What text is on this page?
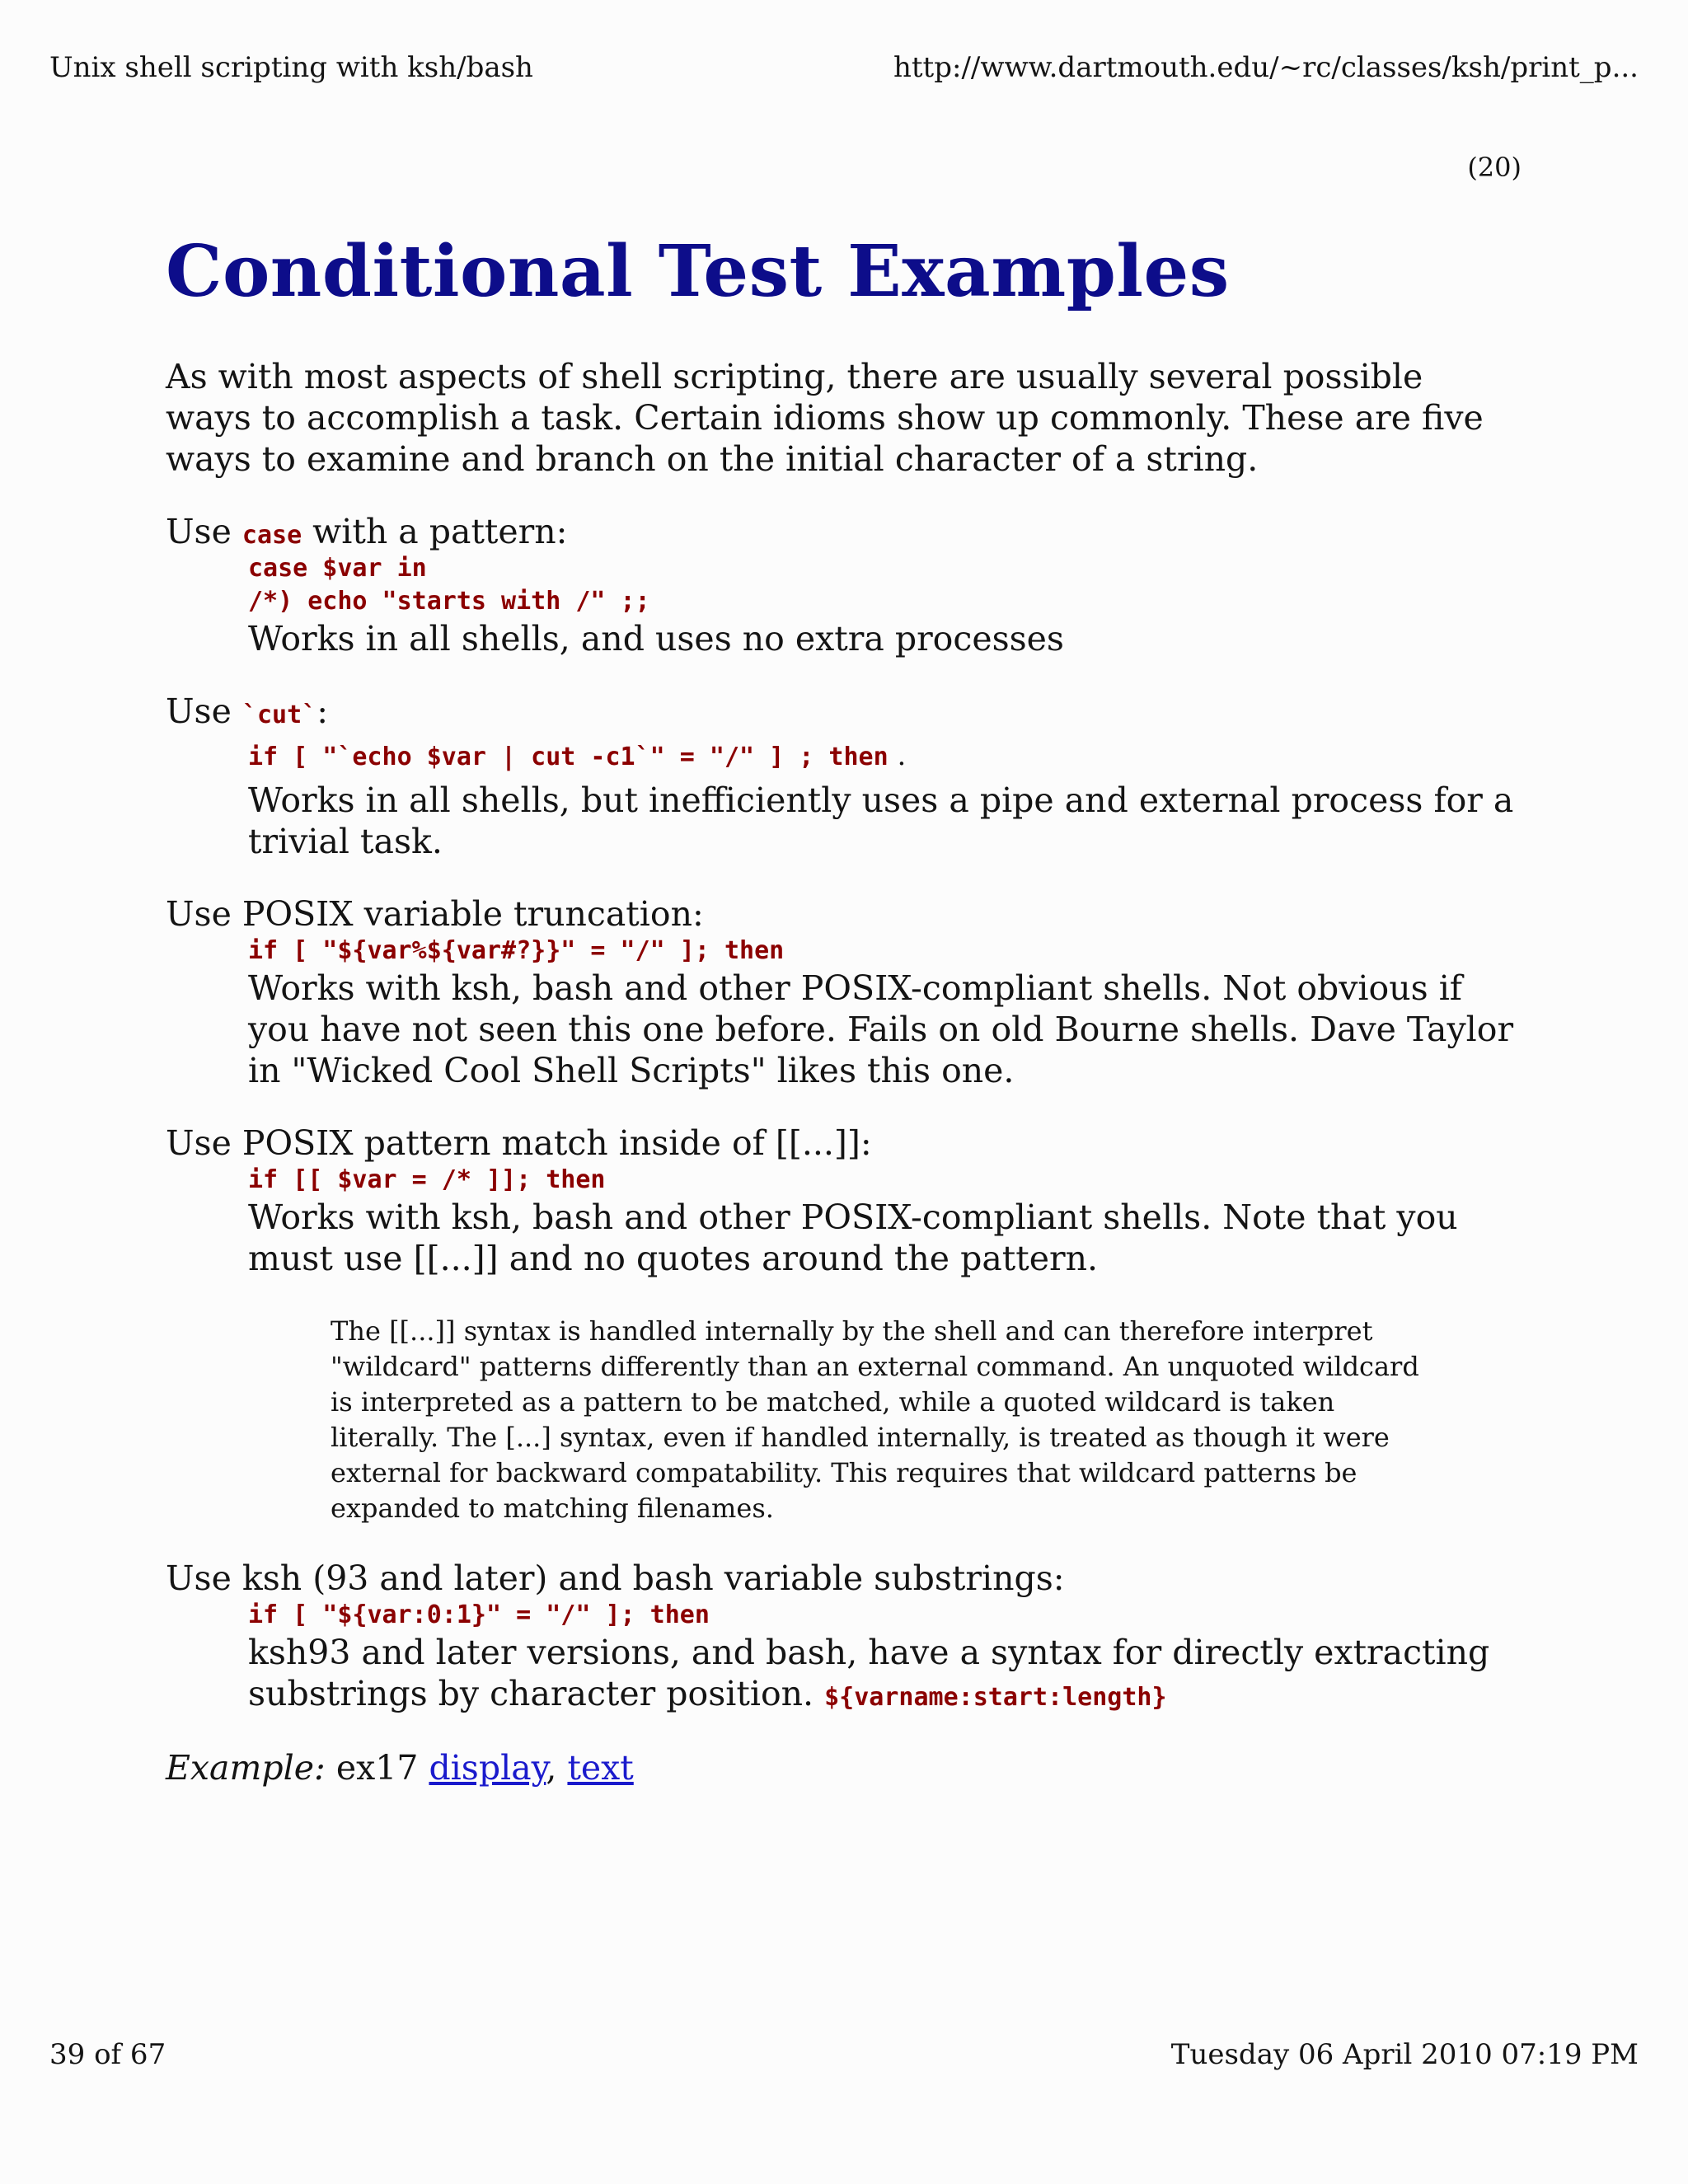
Unix shell scripting with ksh/bash	http://www.dartmouth.edu/~rc/classes/ksh/print_p...
(20)
Conditional Test Examples

As with most aspects of shell scripting, there are usually several possible ways to accomplish a task. Certain idioms show up commonly. These are five ways to examine and branch on the initial character of a string.

Use case with a pattern:

case $var in
/*) echo "starts with /" ;;

Works in all shells, and uses no extra processes

Use `cut`:

if [ "`echo $var | cut -c1`" = "/" ] ; then .

Works in all shells, but inefficiently uses a pipe and external process for a trivial task.

Use POSIX variable truncation:

if [ "${var%${var#?}}" = "/" ]; then

Works with ksh, bash and other POSIX-compliant shells. Not obvious if you have not seen this one before. Fails on old Bourne shells. Dave Taylor in "Wicked Cool Shell Scripts" likes this one.

Use POSIX pattern match inside of [[...]]:

if [[ $var = /* ]]; then

Works with ksh, bash and other POSIX-compliant shells. Note that you must use [[...]] and no quotes around the pattern.

The [[...]] syntax is handled internally by the shell and can therefore interpret "wildcard" patterns differently than an external command. An unquoted wildcard is interpreted as a pattern to be matched, while a quoted wildcard is taken literally. The [...] syntax, even if handled internally, is treated as though it were external for backward compatability. This requires that wildcard patterns be expanded to matching filenames.

Use ksh (93 and later) and bash variable substrings:

if [ "${var:0:1}" = "/" ]; then

ksh93 and later versions, and bash, have a syntax for directly extracting substrings by character position. ${varname:start:length}

Example: ex17 display, text

39 of 67	Tuesday 06 April 2010 07:19 PM
